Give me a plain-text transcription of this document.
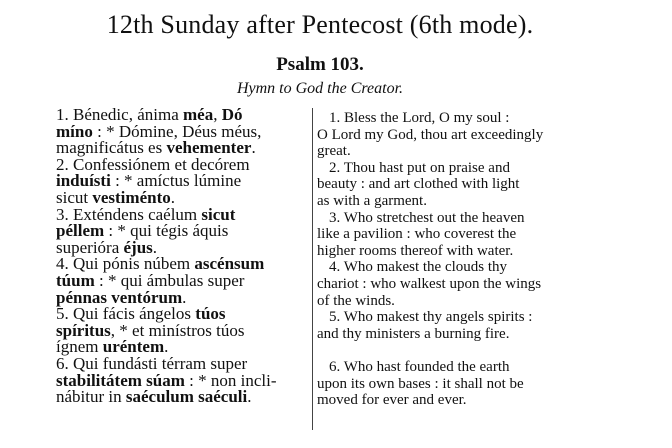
12th Sunday after Pentecost (6th mode).
Psalm 103.
Hymn to God the Creator.
1. Bénedic, ánima méa, Dó
míno : * Dómine, Déus méus,
magnificátus es vehementer.
2. Confessiónem et decórem
induísti : * amíctus lúmine
sicut vestiménto.
3. Exténdens caélum sicut
péllem : * qui tégis áquis
superióra éjus.
4. Qui pónis núbem ascénsum
túum : * qui ámbulas super
pénnas ventórum.
5. Qui fácis ángelos túos
spíritus, * et minístros túos
ígnem uréntem.
6. Qui fundásti térram super
stabilitátem súam : * non incli-
nábitur in saéculum saéculi.
1. Bless the Lord, O my soul :
O Lord my God, thou art exceedingly
great.
2. Thou hast put on praise and
beauty : and art clothed with light
as with a garment.
3. Who stretchest out the heaven
like a pavilion : who coverest the
higher rooms thereof with water.
4. Who makest the clouds thy
chariot : who walkest upon the wings
of the winds.
5. Who makest thy angels spirits :
and thy ministers a burning fire.
6. Who hast founded the earth
upon its own bases : it shall not be
moved for ever and ever.
